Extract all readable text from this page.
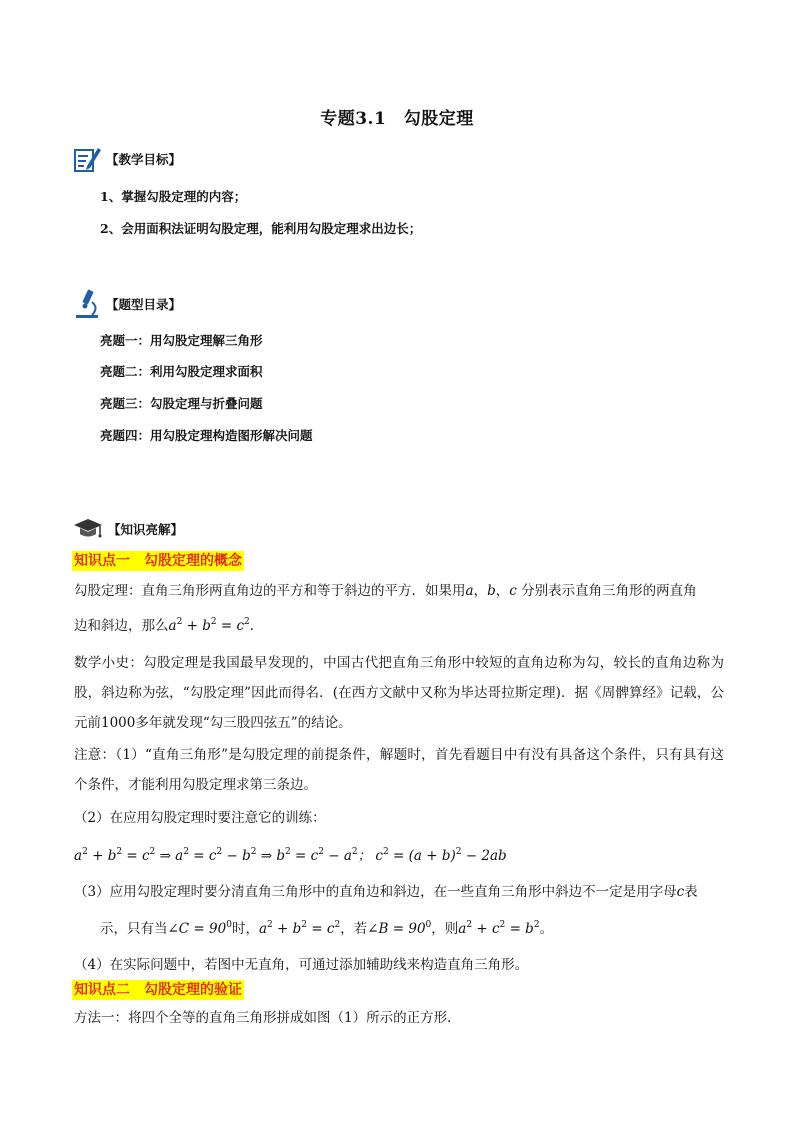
专题3.1　勾股定理
【教学目标】
1、掌握勾股定理的内容；
2、会用面积法证明勾股定理，能利用勾股定理求出边长；
【题型目录】
亮题一：用勾股定理解三角形
亮题二：利用勾股定理求面积
亮题三：勾股定理与折叠问题
亮题四：用勾股定理构造图形解决问题
【知识亮解】
知识点一　勾股定理的概念
勾股定理：直角三角形两直角边的平方和等于斜边的平方．如果用a，b，c 分别表示直角三角形的两直角
边和斜边，那么$a^2 + b^2 = c^2$．
数学小史：勾股定理是我国最早发现的，中国古代把直角三角形中较短的直角边称为勾，较长的直角边称为股，斜边称为弦，“勾股定理”因此而得名．(在西方文献中又称为毕达哥拉斯定理)．据《周髀算经》记载，公元前1000多年就发现“勾三股四弦五”的结论。
注意：（1）“直角三角形”是勾股定理的前提条件，解题时，首先看题目中有没有具备这个条件，只有具有这个条件，才能利用勾股定理求第三条边。
（2）在应用勾股定理时要注意它的训练：
$a^2 + b^2 = c^2$ ⇒ $a^2 = c^2 - b^2$ ⇒ $b^2 = c^2 - a^2$； $c^2 = (a + b)^2 - 2ab$
（3）应用勾股定理时要分清直角三角形中的直角边和斜边，在一些直角三角形中斜边不一定是用字母c表
示，只有当∠C = $90^0$时，$a^2 + b^2 = c^2$，若∠B = $90^0$，则$a^2 + c^2 = b^2$。
（4）在实际问题中，若图中无直角，可通过添加辅助线来构造直角三角形。
知识点二　勾股定理的验证
方法一：将四个全等的直角三角形拼成如图（1）所示的正方形．
